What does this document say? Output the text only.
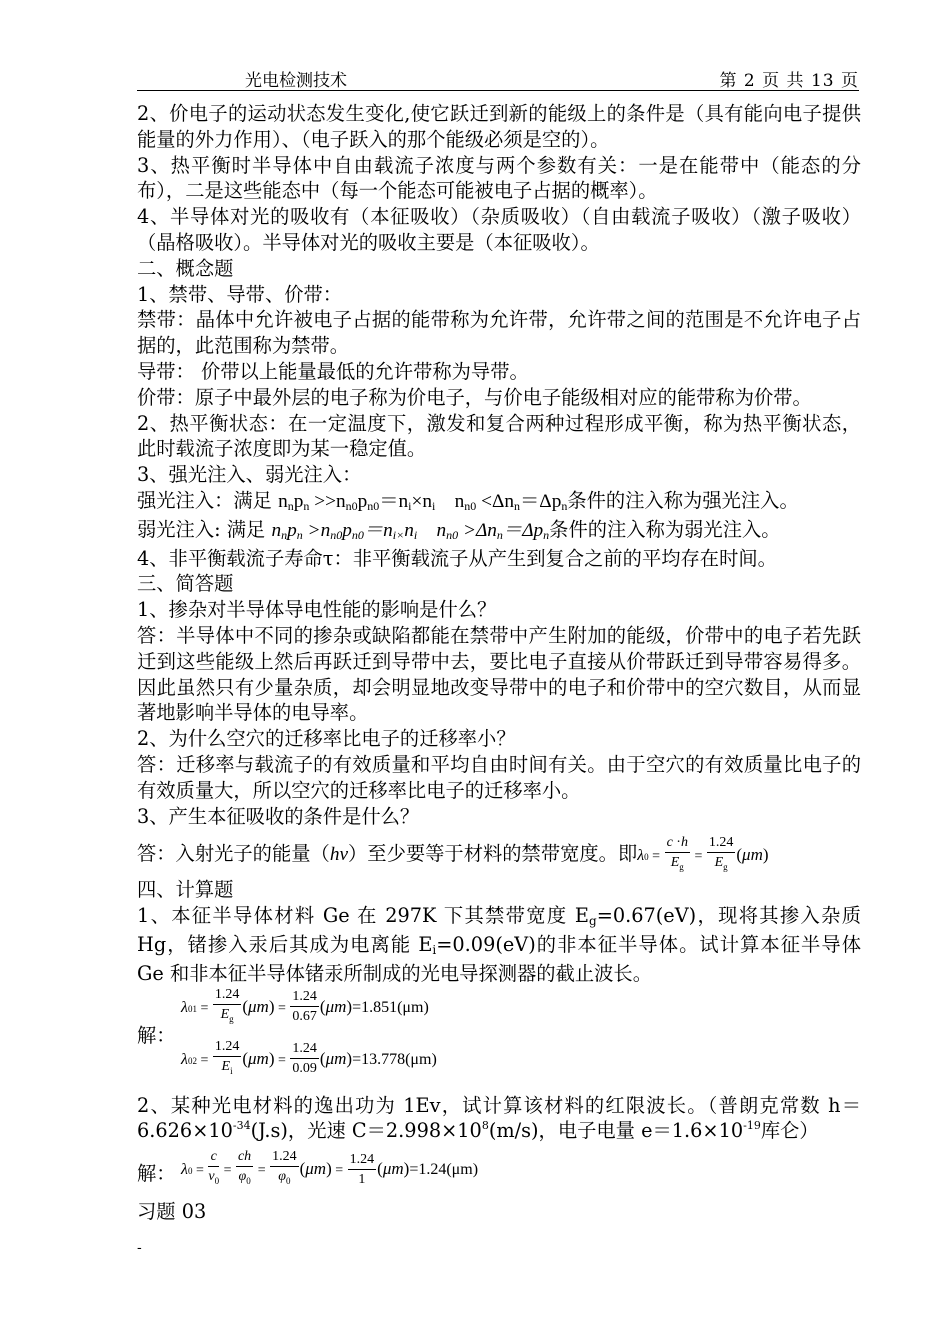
光电检测技术	第 2 页 共 13 页

2、价电子的运动状态发生变化,使它跃迁到新的能级上的条件是（具有能向电子提供能量的外力作用）、（电子跃入的那个能级必须是空的）。

3、热平衡时半导体中自由载流子浓度与两个参数有关：一是在能带中（能态的分布），二是这些能态中（每一个能态可能被电子占据的概率）。

4、半导体对光的吸收有（本征吸收）（杂质吸收）（自由载流子吸收）（激子吸收）（晶格吸收）。半导体对光的吸收主要是（本征吸收）。

二、概念题

1、禁带、导带、价带：

禁带：晶体中允许被电子占据的能带称为允许带，允许带之间的范围是不允许电子占据的，此范围称为禁带。

导带： 价带以上能量最低的允许带称为导带。

价带：原子中最外层的电子称为价电子，与价电子能级相对应的能带称为价带。

2、热平衡状态：在一定温度下，激发和复合两种过程形成平衡，称为热平衡状态，此时载流子浓度即为某一稳定值。

3、强光注入、弱光注入：

强光注入：满足 nnpn >>nn0pn0＝ni×ni    nn0 <Δnn＝Δpn条件的注入称为强光注入。

弱光注入: 满足 nnpn >nn0pn0＝ni×ni    nn0 >Δnn＝Δpn条件的注入称为弱光注入。

4、非平衡载流子寿命τ：非平衡载流子从产生到复合之前的平均存在时间。

三、简答题

1、掺杂对半导体导电性能的影响是什么？

答：半导体中不同的掺杂或缺陷都能在禁带中产生附加的能级，价带中的电子若先跃迁到这些能级上然后再跃迁到导带中去，要比电子直接从价带跃迁到导带容易得多。因此虽然只有少量杂质，却会明显地改变导带中的电子和价带中的空穴数目，从而显著地影响半导体的电导率。

2、为什么空穴的迁移率比电子的迁移率小？

答：迁移率与载流子的有效质量和平均自由时间有关。由于空穴的有效质量比电子的有效质量大，所以空穴的迁移率比电子的迁移率小。

3、产生本征吸收的条件是什么？

答：入射光子的能量（hv）至少要等于材料的禁带宽度。即$\lambda 0 = \frac{c \cdot h}{E_g} = \frac{1.24}{E_g} (\mu m)$

四、计算题

1、本征半导体材料 Ge 在 297K 下其禁带宽度 Eg=0.67(eV)，现将其掺入杂质 Hg，锗掺入汞后其成为电离能 Ei=0.09(eV)的非本征半导体。试计算本征半导体 Ge 和非本征半导体锗汞所制成的光电导探测器的截止波长。

解：
$\lambda 01 = \frac{1.24}{E_g} (\mu m) = \frac{1.24}{0.67} (\mu m)=1.851(\mu m)$
$\lambda 02 = \frac{1.24}{E_i} (\mu m) = \frac{1.24}{0.09} (\mu m)=13.778(\mu m)$

2、某种光电材料的逸出功为 1Ev，试计算该材料的红限波长。（普朗克常数 $h=6.626\times 10^{-34}(J.s)$，光速 $C=2.998\times 10^8(m/s)$，电子电量 $e=1.6\times 10^{-19}$库仑）

解： $\lambda 0 = \frac{c}{\nu_0} = \frac{ch}{\varphi_0} = \frac{1.24}{\varphi_0} (\mu m) = \frac{1.24}{1} (\mu m)=1.24(\mu m)$

习题 03

-
